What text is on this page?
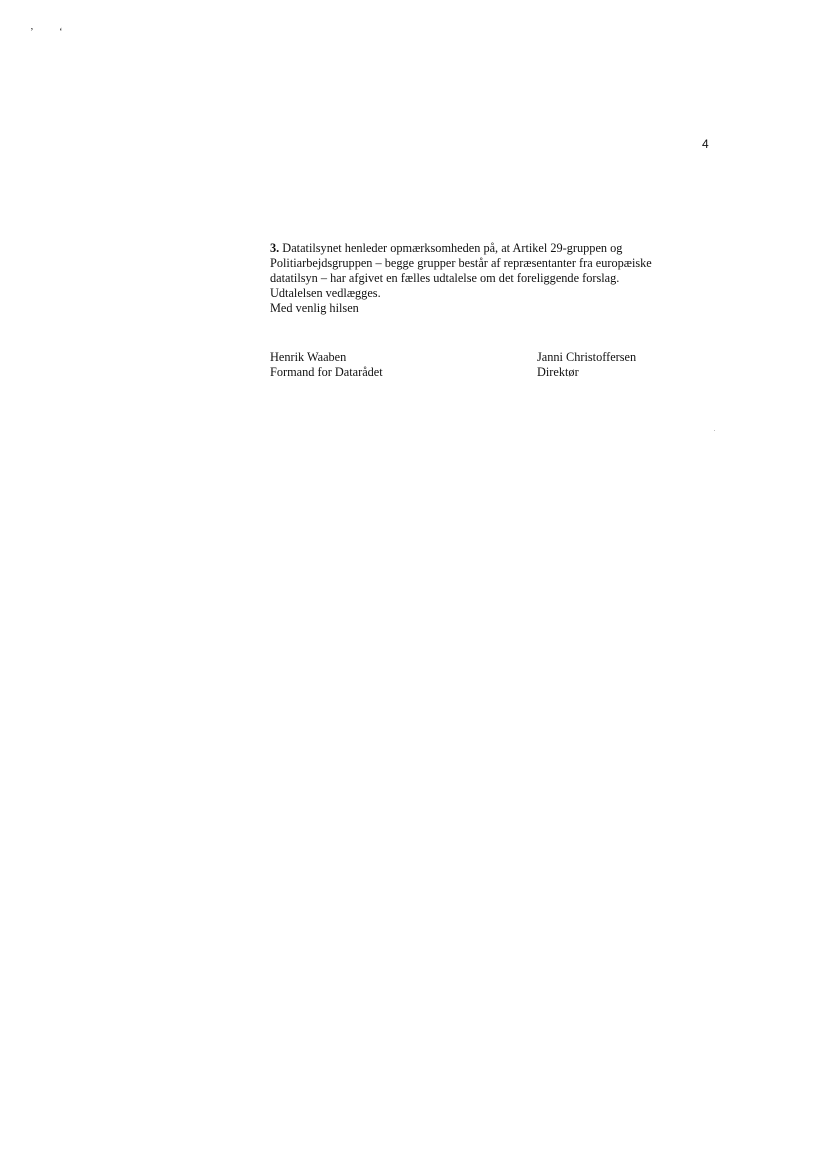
ʼ ʻ
4
3. Datatilsynet henleder opmærksomheden på, at Artikel 29-gruppen og
Politiarbejdsgruppen – begge grupper består af repræsentanter fra europæiske
datatilsyn – har afgivet en fælles udtalelse om det foreliggende forslag.
Udtalelsen vedlægges.
Med venlig hilsen
Henrik Waaben
Formand for Datarådet
Janni Christoffersen
Direktør
